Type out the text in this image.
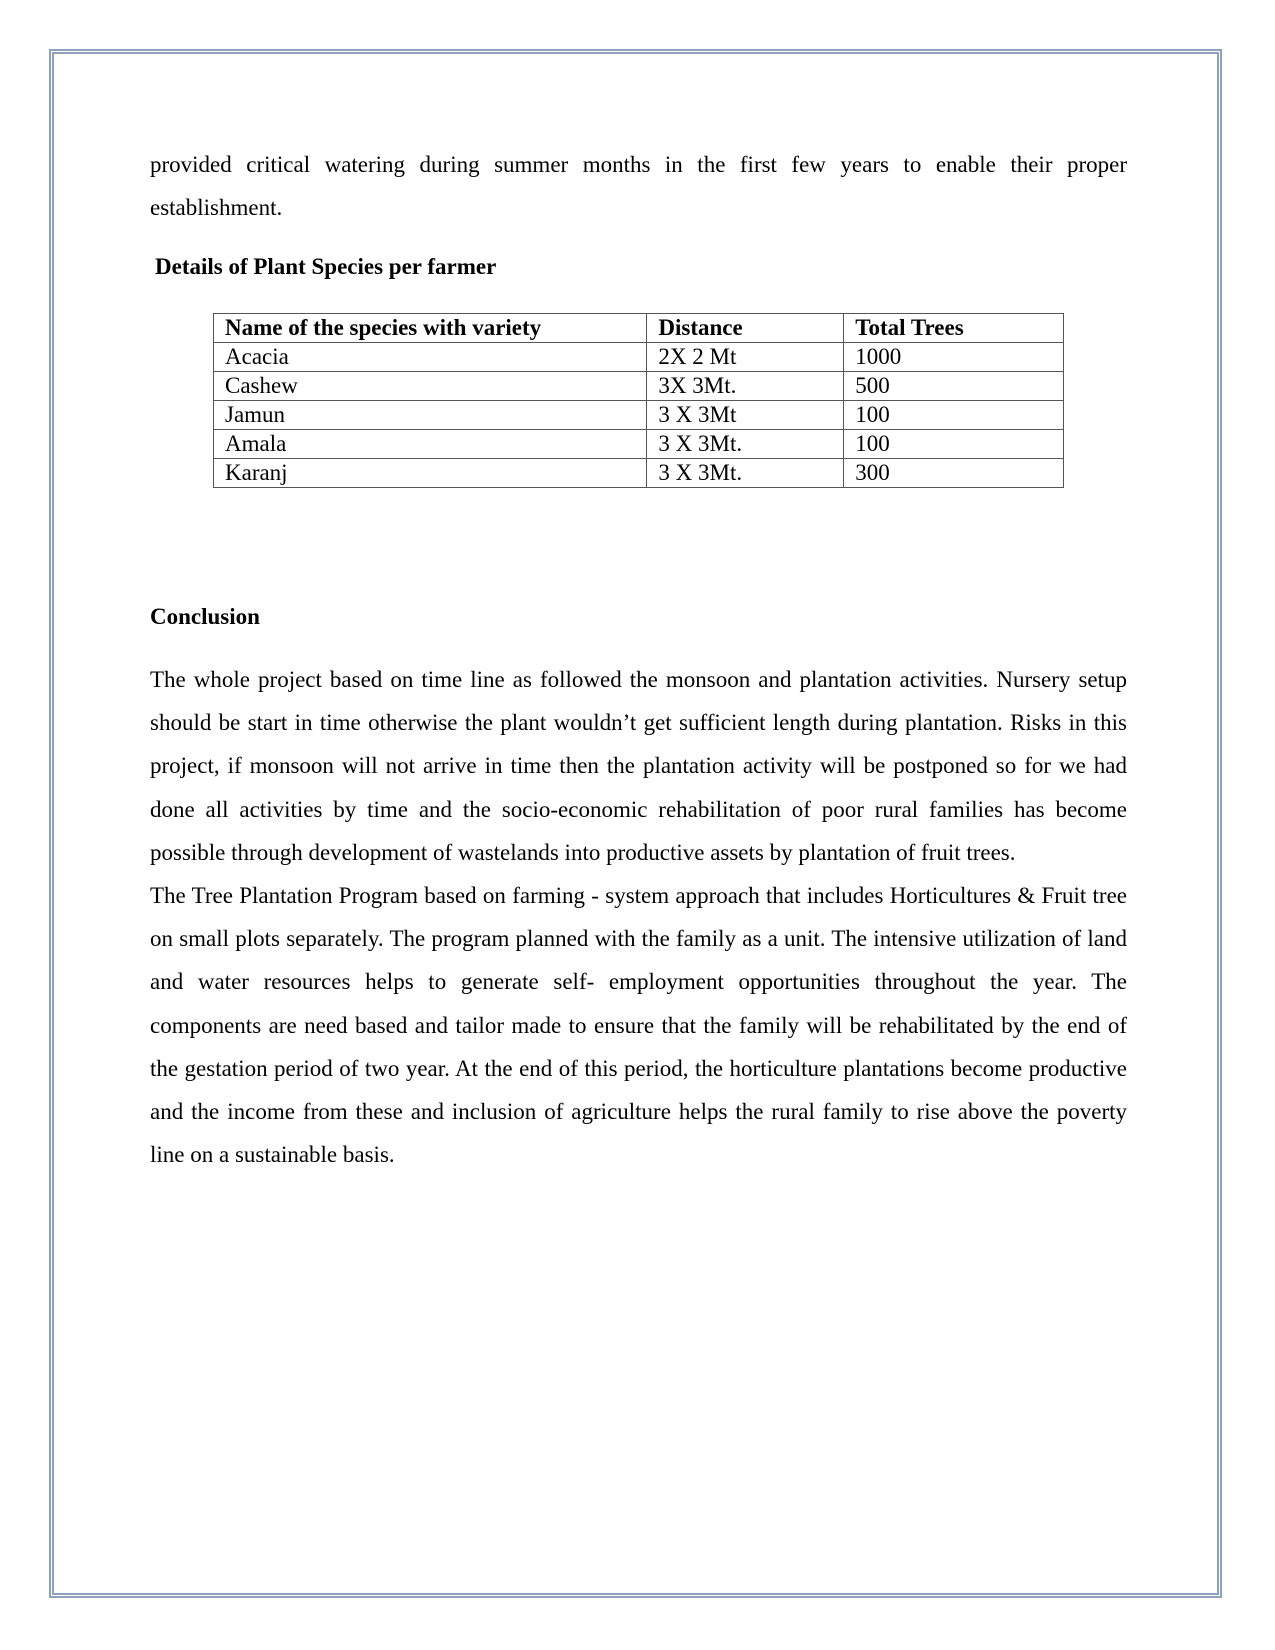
provided critical watering during summer months in the first few years to enable their proper

establishment.

Details of Plant Species per farmer
Name of the species with variety	Distance	Total Trees
Acacia	2X 2 Mt	1000
Cashew	3X 3Mt.	500
Jamun	3 X 3Mt	100
Amala	3 X 3Mt.	100
Karanj	3 X 3Mt.	300
Conclusion

The whole project based on time line as followed the monsoon and plantation activities. Nursery setup should be start in time otherwise the plant wouldn’t get sufficient length during plantation. Risks in this project, if monsoon will not arrive in time then the plantation activity will be postponed so for we had done all activities by time and the socio-economic rehabilitation of poor rural families has become possible through development of wastelands into productive assets by plantation of fruit trees.

The Tree Plantation Program based on farming - system approach that includes Horticultures & Fruit tree on small plots separately. The program planned with the family as a unit. The intensive utilization of land and water resources helps to generate self- employment opportunities throughout the year. The components are need based and tailor made to ensure that the family will be rehabilitated by the end of the gestation period of two year. At the end of this period, the horticulture plantations become productive and the income from these and inclusion of agriculture helps the rural family to rise above the poverty line on a sustainable basis.
